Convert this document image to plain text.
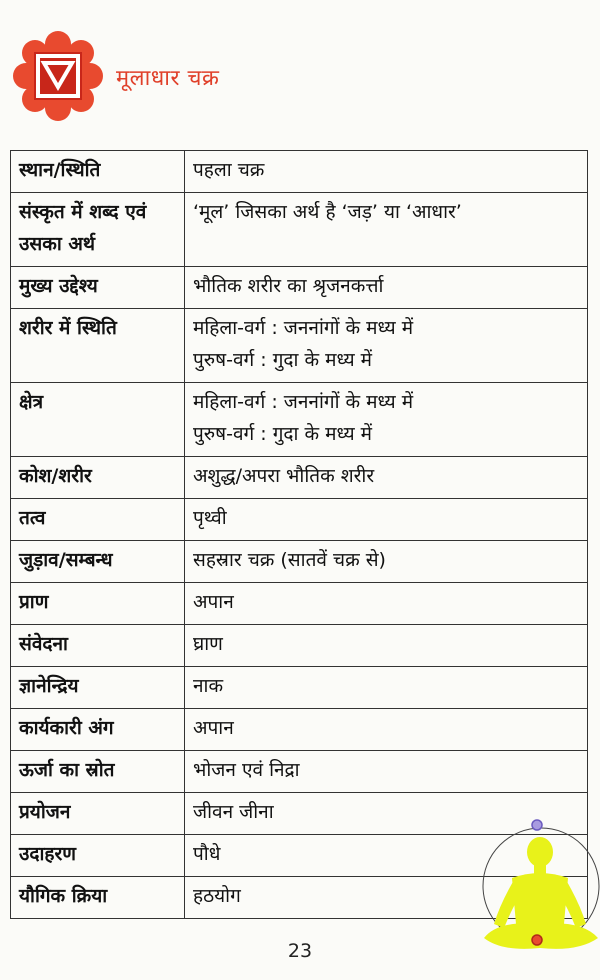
मूलाधार चक्र
स्थान/स्थिति	पहला चक्र

संस्कृत में शब्द एवं उसका अर्थ	‘मूल’ जिसका अर्थ है ‘जड़’ या ‘आधार’

मुख्य उद्देश्य	भौतिक शरीर का श्रृजनकर्त्ता

शरीर में स्थिति	महिला-वर्ग : जननांगों के मध्य में
पुरुष-वर्ग : गुदा के मध्य में

क्षेत्र	महिला-वर्ग : जननांगों के मध्य में
पुरुष-वर्ग : गुदा के मध्य में

कोश/शरीर	अशुद्ध/अपरा भौतिक शरीर

तत्व	पृथ्वी

जुड़ाव/सम्बन्ध	सहस्रार चक्र (सातवें चक्र से)

प्राण	अपान

संवेदना	घ्राण

ज्ञानेन्द्रिय	नाक

कार्यकारी अंग	अपान

ऊर्जा का स्रोत	भोजन एवं निद्रा

प्रयोजन	जीवन जीना

उदाहरण	पौधे

यौगिक क्रिया	हठयोग
23
